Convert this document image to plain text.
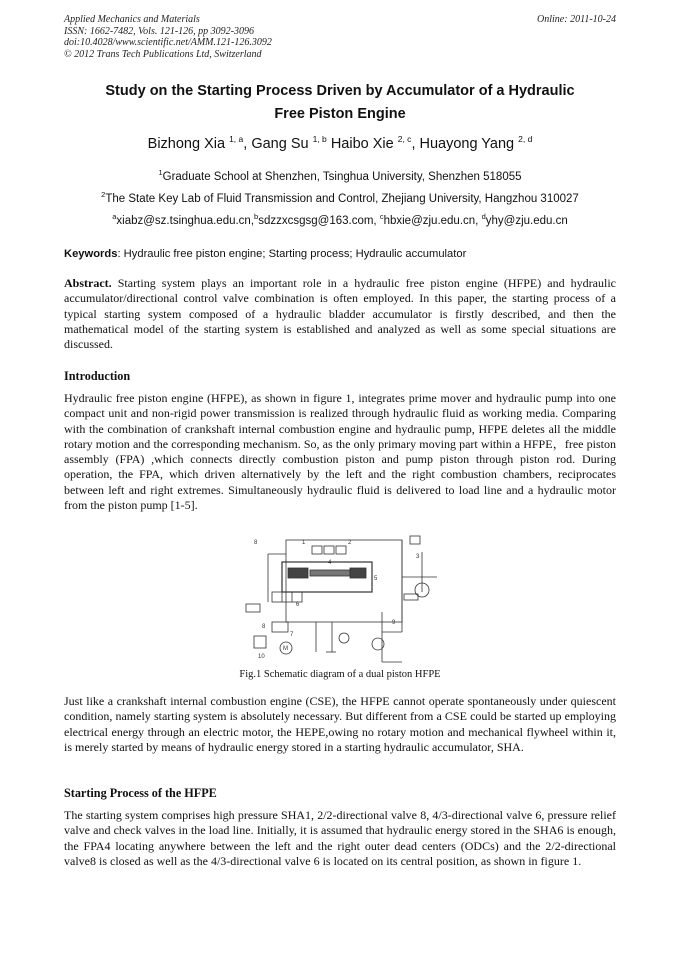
Applied Mechanics and Materials
ISSN: 1662-7482, Vols. 121-126, pp 3092-3096
doi:10.4028/www.scientific.net/AMM.121-126.3092
© 2012 Trans Tech Publications Ltd, Switzerland
Online: 2011-10-24
Study on the Starting Process Driven by Accumulator of a Hydraulic
Free Piston Engine
Bizhong Xia $^{1, a}$, Gang Su $^{1, b}$ Haibo Xie $^{2, c}$, Huayong Yang $^{2, d}$
$^1$Graduate School at Shenzhen, Tsinghua University, Shenzhen 518055
$^2$The State Key Lab of Fluid Transmission and Control, Zhejiang University, Hangzhou 310027
$^a$xiabz@sz.tsinghua.edu.cn,$^b$sdzzxcsgsg@163.com, $^c$hbxie@zju.edu.cn, $^d$yhy@zju.edu.cn
Keywords: Hydraulic free piston engine; Starting process; Hydraulic accumulator
Abstract. Starting system plays an important role in a hydraulic free piston engine (HFPE) and hydraulic accumulator/directional control valve combination is often employed. In this paper, the starting process of a typical starting system composed of a hydraulic bladder accumulator is firstly described, and then the mathematical model of the starting system is established and analyzed as well as some special situations are discussed.
Introduction
Hydraulic free piston engine (HFPE), as shown in figure 1, integrates prime mover and hydraulic pump into one compact unit and non-rigid power transmission is realized through hydraulic fluid as working media. Comparing with the combination of crankshaft internal combustion engine and hydraulic pump, HFPE deletes all the middle rotary motion and the corresponding mechanism. So, as the only primary moving part within a HFPE，free piston assembly (FPA) ,which connects directly combustion piston and pump piston through piston rod. During operation, the FPA, which driven alternatively by the left and the right combustion chambers, reciprocates between left and right extremes. Simultaneously hydraulic fluid is delivered to load line and a hydraulic motor from the piston pump [1-5].
8	1	2
3
4
5
6
7
8
9
10
M
Fig.1 Schematic diagram of a dual piston HFPE
Just like a crankshaft internal combustion engine (CSE), the HFPE cannot operate spontaneously under quiescent condition, namely starting system is absolutely necessary. But different from a CSE could be started up employing electrical energy through an electric motor, the HEPE,owing no rotary motion and mechanical flywheel within it, is merely started by means of hydraulic energy stored in a starting hydraulic accumulator, SHA.
Starting Process of the HFPE
The starting system comprises high pressure SHA1, 2/2-directional valve 8, 4/3-directional valve 6, pressure relief valve and check valves in the load line. Initially, it is assumed that hydraulic energy stored in the SHA6 is enough, the FPA4 locating anywhere between the left and the right outer dead centers (ODCs) and the 2/2-directional valve8 is closed as well as the 4/3-directional valve 6 is located on its central position, as shown in figure 1.
